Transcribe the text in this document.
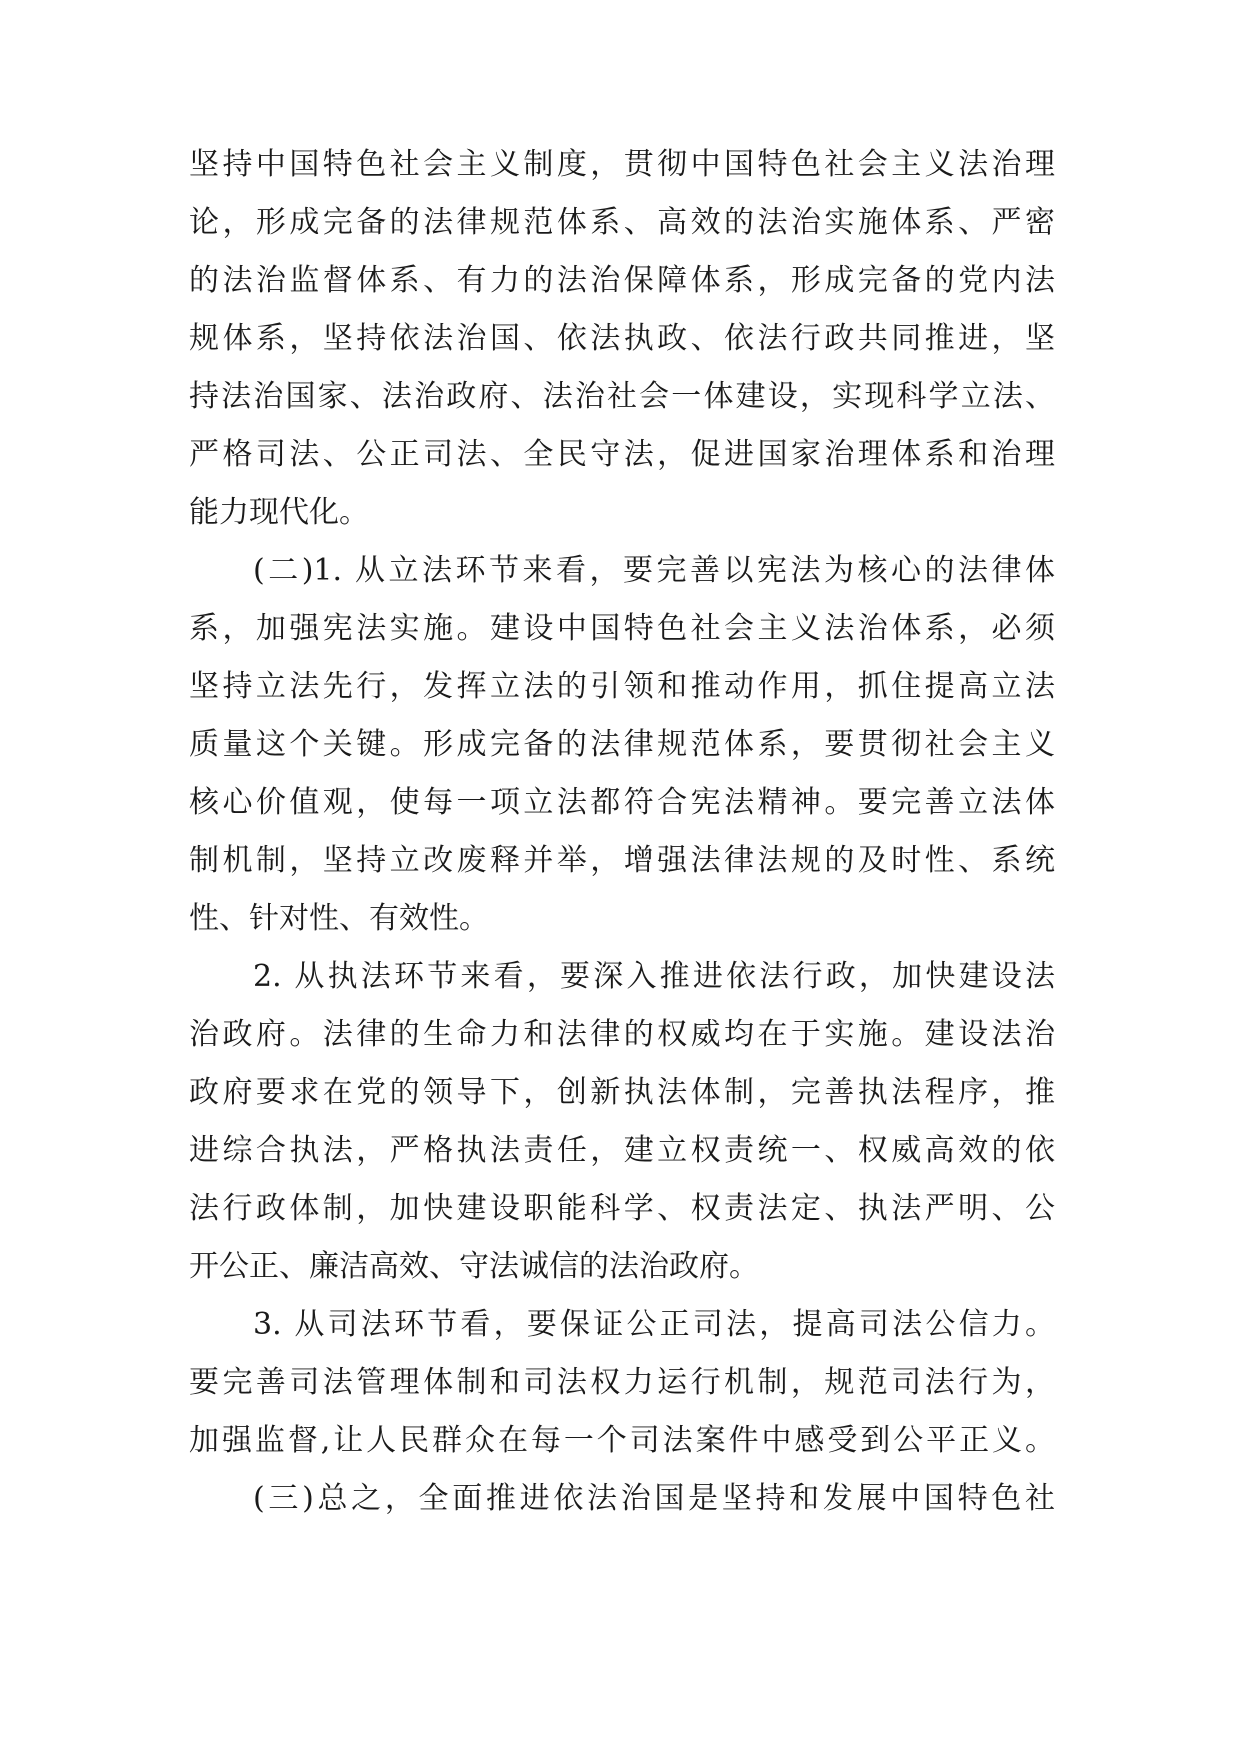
坚持中国特色社会主义制度，贯彻中国特色社会主义法治理
论，形成完备的法律规范体系、高效的法治实施体系、严密
的法治监督体系、有力的法治保障体系，形成完备的党内法
规体系，坚持依法治国、依法执政、依法行政共同推进，坚
持法治国家、法治政府、法治社会一体建设，实现科学立法、
严格司法、公正司法、全民守法，促进国家治理体系和治理
能力现代化。
(二)1. 从立法环节来看，要完善以宪法为核心的法律体
系，加强宪法实施。建设中国特色社会主义法治体系，必须
坚持立法先行，发挥立法的引领和推动作用，抓住提高立法
质量这个关键。形成完备的法律规范体系，要贯彻社会主义
核心价值观，使每一项立法都符合宪法精神。要完善立法体
制机制，坚持立改废释并举，增强法律法规的及时性、系统
性、针对性、有效性。
2. 从执法环节来看，要深入推进依法行政，加快建设法
治政府。法律的生命力和法律的权威均在于实施。建设法治
政府要求在党的领导下，创新执法体制，完善执法程序，推
进综合执法，严格执法责任，建立权责统一、权威高效的依
法行政体制，加快建设职能科学、权责法定、执法严明、公
开公正、廉洁高效、守法诚信的法治政府。
3. 从司法环节看，要保证公正司法，提高司法公信力。
要完善司法管理体制和司法权力运行机制，规范司法行为，
加强监督,让人民群众在每一个司法案件中感受到公平正义。
(三)总之，全面推进依法治国是坚持和发展中国特色社
